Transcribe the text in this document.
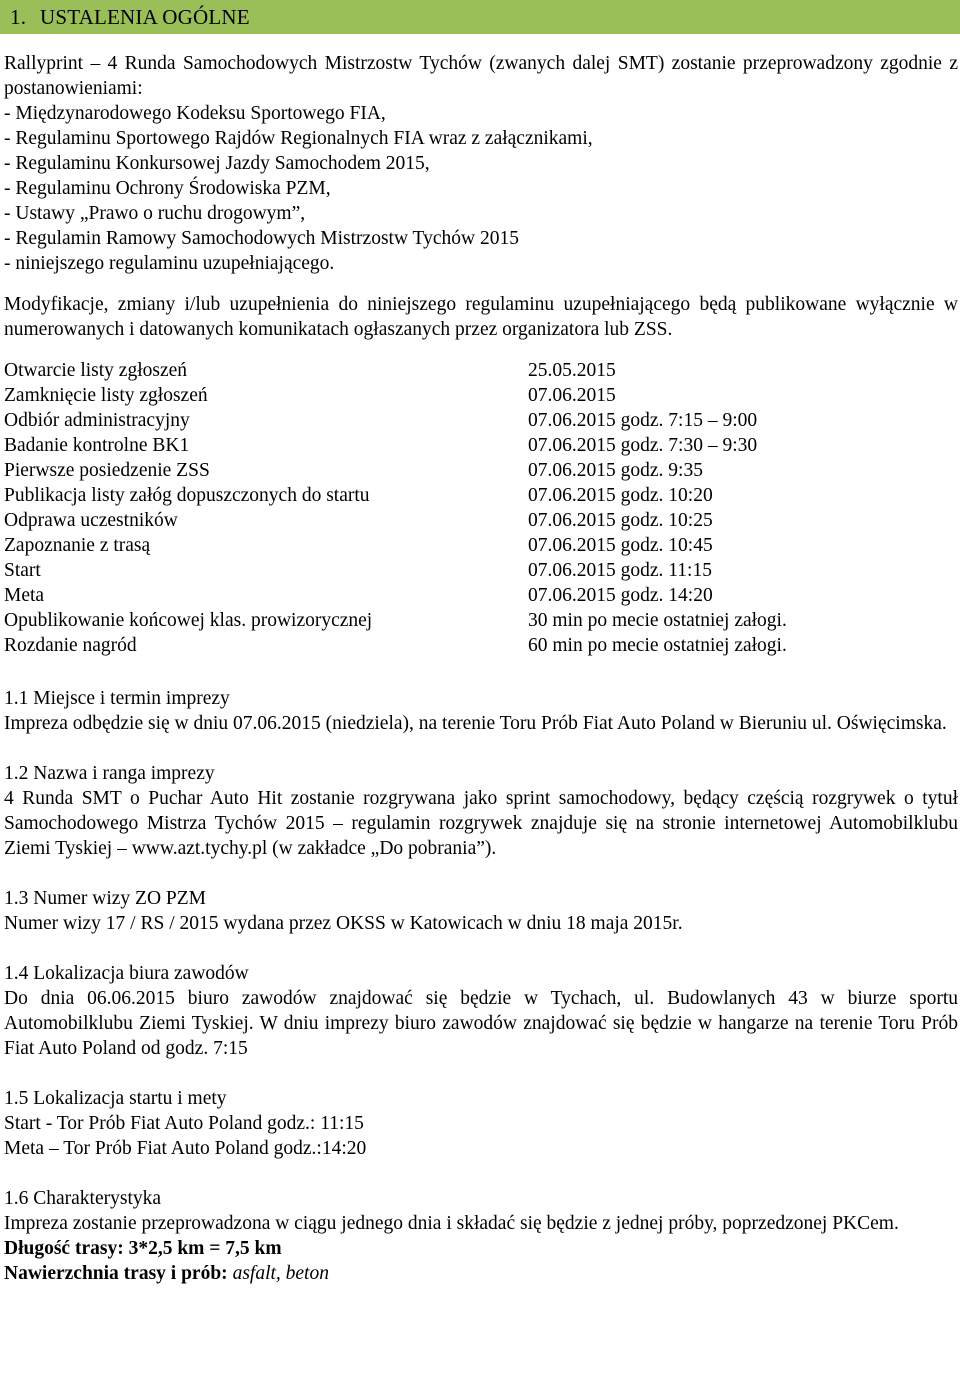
1. USTALENIA OGÓLNE

Rallyprint – 4 Runda Samochodowych Mistrzostw Tychów (zwanych dalej SMT) zostanie przeprowadzony zgodnie z postanowieniami:

- Międzynarodowego Kodeksu Sportowego FIA,

- Regulaminu Sportowego Rajdów Regionalnych FIA wraz z załącznikami,

- Regulaminu Konkursowej Jazdy Samochodem 2015,

- Regulaminu Ochrony Środowiska PZM,

- Ustawy „Prawo o ruchu drogowym”,

- Regulamin Ramowy Samochodowych Mistrzostw Tychów 2015

- niniejszego regulaminu uzupełniającego.

Modyfikacje, zmiany i/lub uzupełnienia do niniejszego regulaminu uzupełniającego będą publikowane wyłącznie w numerowanych i datowanych komunikatach ogłaszanych przez organizatora lub ZSS.

Otwarcie listy zgłoszeń	25.05.2015
Zamknięcie listy zgłoszeń	07.06.2015
Odbiór administracyjny	07.06.2015 godz. 7:15 – 9:00
Badanie kontrolne BK1	07.06.2015 godz. 7:30 – 9:30
Pierwsze posiedzenie ZSS	07.06.2015 godz. 9:35
Publikacja listy załóg dopuszczonych do startu	07.06.2015 godz. 10:20
Odprawa uczestników	07.06.2015 godz. 10:25
Zapoznanie z trasą	07.06.2015 godz. 10:45
Start	07.06.2015 godz. 11:15
Meta	07.06.2015 godz. 14:20
Opublikowanie końcowej klas. prowizorycznej	30 min po mecie ostatniej załogi.
Rozdanie nagród	60 min po mecie ostatniej załogi.

1.1 Miejsce i termin imprezy

Impreza odbędzie się w dniu 07.06.2015 (niedziela), na terenie Toru Prób Fiat Auto Poland w Bieruniu ul. Oświęcimska.

1.2 Nazwa i ranga imprezy

4 Runda SMT o Puchar Auto Hit zostanie rozgrywana jako sprint samochodowy, będący częścią rozgrywek o tytuł Samochodowego Mistrza Tychów 2015 – regulamin rozgrywek znajduje się na stronie internetowej Automobilklubu Ziemi Tyskiej – www.azt.tychy.pl (w zakładce „Do pobrania”).

1.3 Numer wizy ZO PZM

Numer wizy 17 / RS / 2015 wydana przez OKSS w Katowicach w dniu 18 maja 2015r.

1.4 Lokalizacja biura zawodów

Do dnia 06.06.2015 biuro zawodów znajdować się będzie w Tychach, ul. Budowlanych 43 w biurze sportu Automobilklubu Ziemi Tyskiej. W dniu imprezy biuro zawodów znajdować się będzie w hangarze na terenie Toru Prób Fiat Auto Poland od godz. 7:15

1.5 Lokalizacja startu i mety

Start - Tor Prób Fiat Auto Poland godz.: 11:15

Meta – Tor Prób Fiat Auto Poland godz.:14:20

1.6 Charakterystyka

Impreza zostanie przeprowadzona w ciągu jednego dnia i składać się będzie z jednej próby, poprzedzonej PKCem.

Długość trasy: 3*2,5 km = 7,5 km

Nawierzchnia trasy i prób: asfalt, beton
